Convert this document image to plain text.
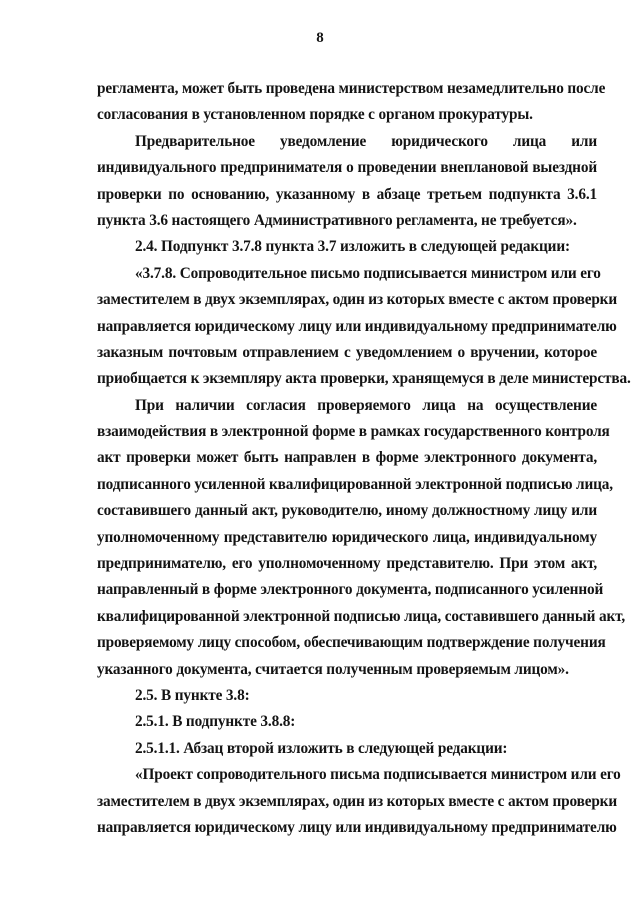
8
регламента, может быть проведена министерством незамедлительно после
согласования в установленном порядке с органом прокуратуры.
Предварительное уведомление юридического лица или
индивидуального предпринимателя о проведении внеплановой выездной
проверки по основанию, указанному в абзаце третьем подпункта 3.6.1
пункта 3.6 настоящего Административного регламента, не требуется».
2.4. Подпункт 3.7.8 пункта 3.7 изложить в следующей редакции:
«3.7.8. Сопроводительное письмо подписывается министром или его
заместителем в двух экземплярах, один из которых вместе с актом проверки
направляется юридическому лицу или индивидуальному предпринимателю
заказным почтовым отправлением с уведомлением о вручении, которое
приобщается к экземпляру акта проверки, хранящемуся в деле министерства.
При наличии согласия проверяемого лица на осуществление
взаимодействия в электронной форме в рамках государственного контроля
акт проверки может быть направлен в форме электронного документа,
подписанного усиленной квалифицированной электронной подписью лица,
составившего данный акт, руководителю, иному должностному лицу или
уполномоченному представителю юридического лица, индивидуальному
предпринимателю, его уполномоченному представителю. При этом акт,
направленный в форме электронного документа, подписанного усиленной
квалифицированной электронной подписью лица, составившего данный акт,
проверяемому лицу способом, обеспечивающим подтверждение получения
указанного документа, считается полученным проверяемым лицом».
2.5. В пункте 3.8:
2.5.1. В подпункте 3.8.8:
2.5.1.1. Абзац второй изложить в следующей редакции:
«Проект сопроводительного письма подписывается министром или его
заместителем в двух экземплярах, один из которых вместе с актом проверки
направляется юридическому лицу или индивидуальному предпринимателю
